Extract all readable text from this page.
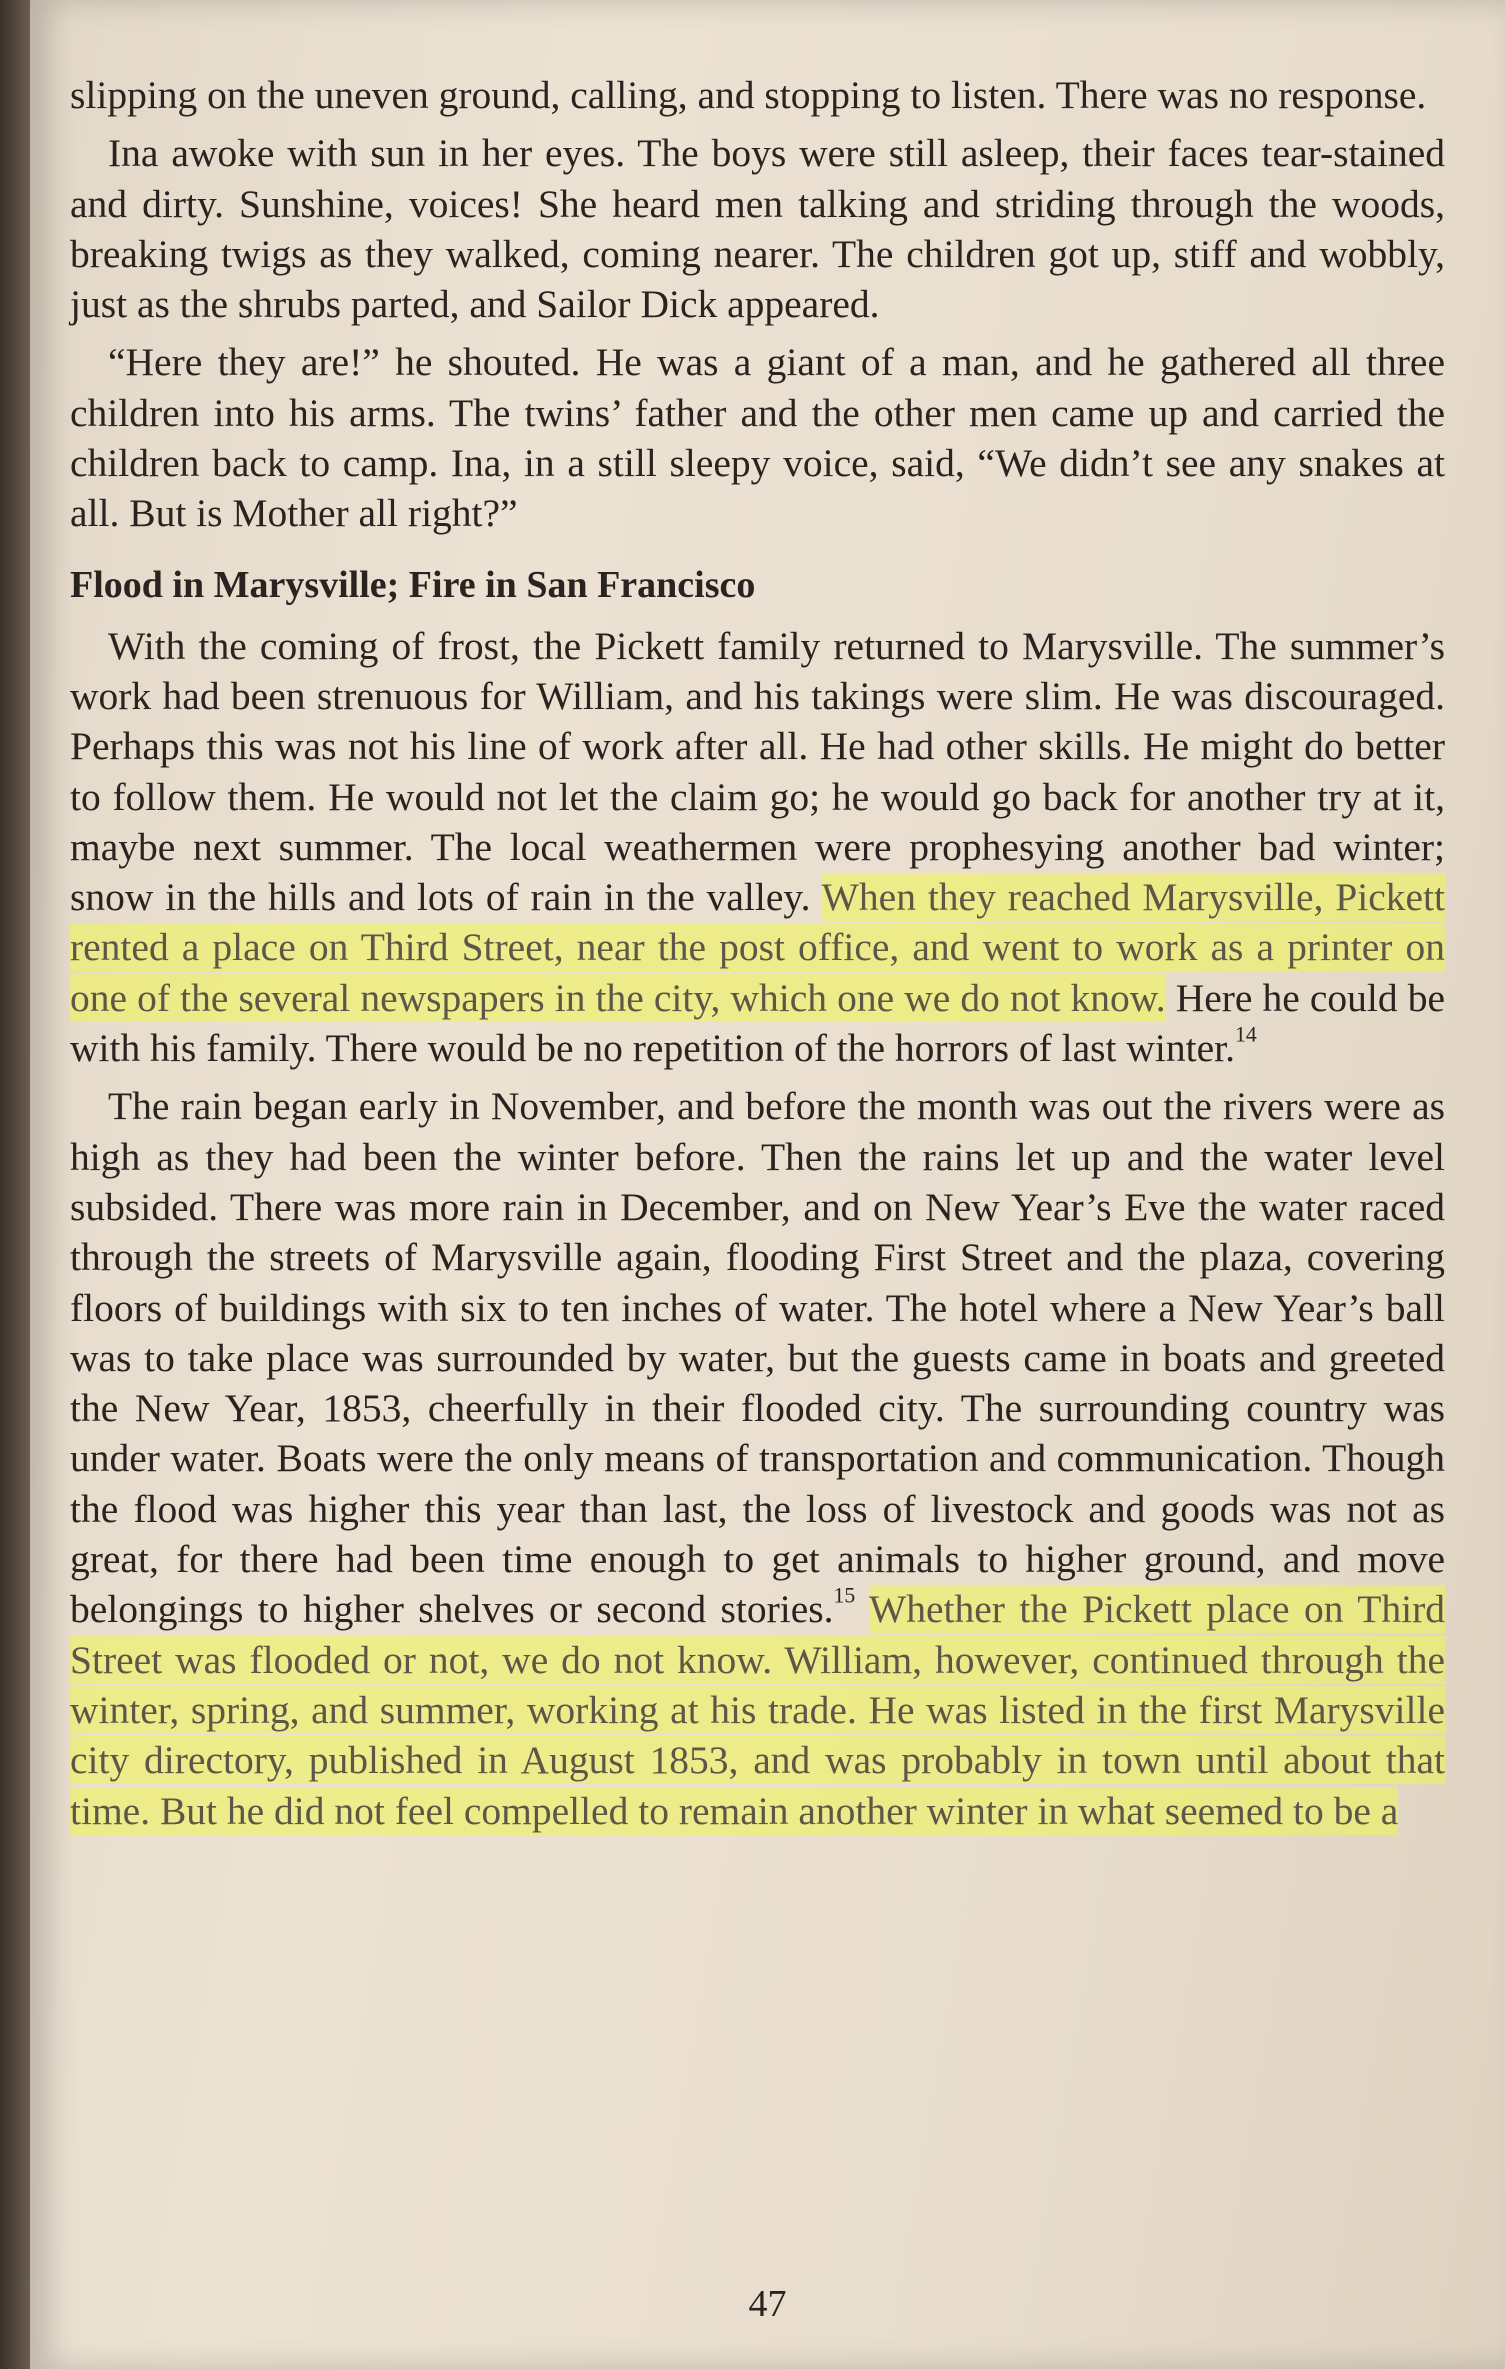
slipping on the uneven ground, calling, and stopping to listen. There was no response.

Ina awoke with sun in her eyes. The boys were still asleep, their faces tear-stained and dirty. Sunshine, voices! She heard men talking and striding through the woods, breaking twigs as they walked, coming nearer. The children got up, stiff and wobbly, just as the shrubs parted, and Sailor Dick appeared.

“Here they are!” he shouted. He was a giant of a man, and he gathered all three children into his arms. The twins’ father and the other men came up and carried the children back to camp. Ina, in a still sleepy voice, said, “We didn’t see any snakes at all. But is Mother all right?”

Flood in Marysville; Fire in San Francisco

With the coming of frost, the Pickett family returned to Marysville. The summer’s work had been strenuous for William, and his takings were slim. He was discouraged. Perhaps this was not his line of work after all. He had other skills. He might do better to follow them. He would not let the claim go; he would go back for another try at it, maybe next summer. The local weathermen were prophesying another bad winter; snow in the hills and lots of rain in the valley. When they reached Marysville, Pickett rented a place on Third Street, near the post office, and went to work as a printer on one of the several newspapers in the city, which one we do not know. Here he could be with his family. There would be no repetition of the horrors of last winter.$^{14}$

The rain began early in November, and before the month was out the rivers were as high as they had been the winter before. Then the rains let up and the water level subsided. There was more rain in December, and on New Year’s Eve the water raced through the streets of Marysville again, flooding First Street and the plaza, covering floors of buildings with six to ten inches of water. The hotel where a New Year’s ball was to take place was surrounded by water, but the guests came in boats and greeted the New Year, 1853, cheerfully in their flooded city. The surrounding country was under water. Boats were the only means of transportation and communication. Though the flood was higher this year than last, the loss of livestock and goods was not as great, for there had been time enough to get animals to higher ground, and move belongings to higher shelves or second stories.$^{15}$ Whether the Pickett place on Third Street was flooded or not, we do not know. William, however, continued through the winter, spring, and summer, working at his trade. He was listed in the first Marysville city directory, published in August 1853, and was probably in town until about that time. But he did not feel compelled to remain another winter in what seemed to be a

47
